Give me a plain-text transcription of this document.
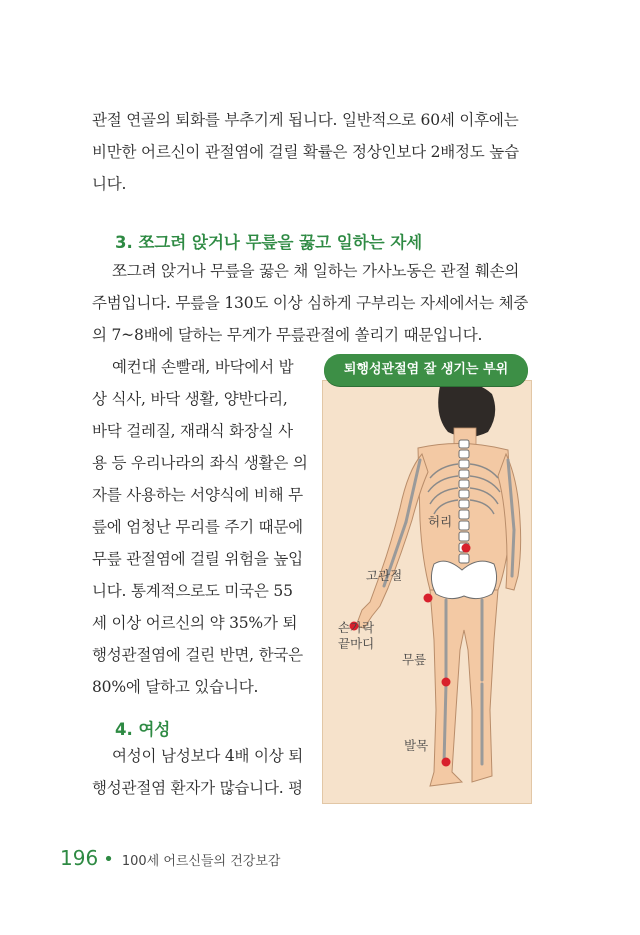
관절 연골의 퇴화를 부추기게 됩니다. 일반적으로 60세 이후에는
비만한 어르신이 관절염에 걸릴 확률은 정상인보다 2배정도 높습
니다.
3. 쪼그려 앉거나 무릎을 꿇고 일하는 자세
쪼그려 앉거나 무릎을 꿇은 채 일하는 가사노동은 관절 훼손의
주범입니다. 무릎을 130도 이상 심하게 구부리는 자세에서는 체중
의 7~8배에 달하는 무게가 무릎관절에 쏠리기 때문입니다.
예컨대 손빨래, 바닥에서 밥
상 식사, 바닥 생활, 양반다리,
바닥 걸레질, 재래식 화장실 사
용 등 우리나라의 좌식 생활은 의
자를 사용하는 서양식에 비해 무
릎에 엄청난 무리를 주기 때문에
무릎 관절염에 걸릴 위험을 높입
니다. 통계적으로도 미국은 55
세 이상 어르신의 약 35%가 퇴
행성관절염에 걸린 반면, 한국은
80%에 달하고 있습니다.
4. 여성
여성이 남성보다 4배 이상 퇴
행성관절염 환자가 많습니다. 평
퇴행성관절염 잘 생기는 부위
허리
고관절
손가락
끝마디
무릎
발목
196 • 100세 어르신들의 건강보감
